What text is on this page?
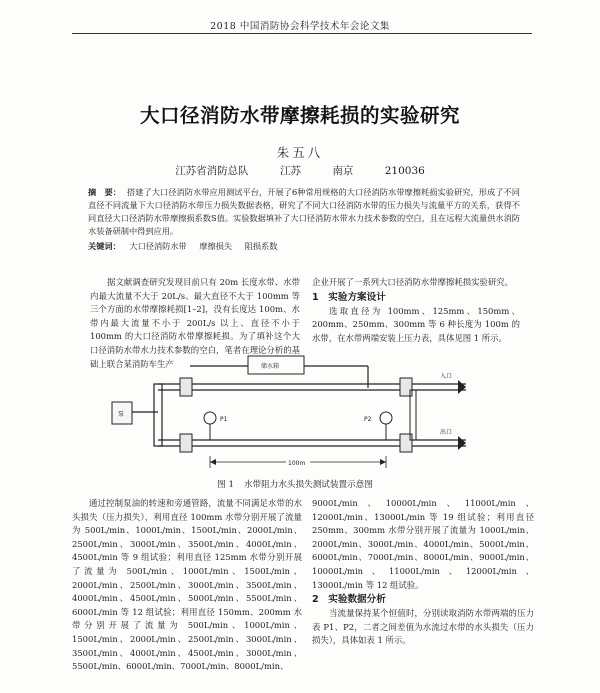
2018 中国消防协会科学技术年会论文集
大口径消防水带摩擦耗损的实验研究
朱五八
江苏省消防总队	江苏	南京	210036
摘　要： 搭建了大口径消防水带应用测试平台，开展了6种常用规格的大口径消防水带摩擦耗损实验研究，形成了不同直径不同流量下大口径消防水带压力损失数据表格，研究了不同大口径消防水带的压力损失与流量平方的关系，获得不同直径大口径消防水带摩擦损系数S值。实验数据填补了大口径消防水带水力技术参数的空白，且在远程大流量供水消防水装备研制中得到应用。
关键词： 大口径消防水带 摩擦损失 阻损系数

据文献调查研究发现目前只有 20m 长度水带、水带内最大流量不大于 20L/s、最大直径不大于 100mm 等三个方面的水带摩擦耗损[1–2]，没有长度达 100m、水带内最大流量不小于 200L/s 以上、直径不小于 100mm 的大口径消防水带摩擦耗损。为了填补这个大口径消防水带水力技术参数的空白，笔者在理论分析的基础上联合某消防车生产

企业开展了一系列大口径消防水带摩擦耗损实验研究。

1　实验方案设计

选取直径为 100mm、125mm、150mm、200mm、250mm、300mm 等 6 种长度为 100m 的水带，在水带两端安装上压力表，具体见图 1 所示。

储水箱
泵
P1	P2
入口
出口
100m
图 1 水带阻力水头损失测试装置示意图

通过控制泵油的转速和旁通管路，流量不同满足水带的水头损失（压力损失），利用直径 100mm 水带分别开展了流量为 500L/min、1000L/min、1500L/min、2000L/min、2500L/min、3000L/min、3500L/min、4000L/min、4500L/min 等 9 组试验；利用直径 125mm 水带分别开展了流量为 500L/min、1000L/min、1500L/min、2000L/min、2500L/min、3000L/min、3500L/min、4000L/min、4500L/min、5000L/min、5500L/min、6000L/min 等 12 组试验；利用直径 150mm、200mm 水带分别开展了流量为 500L/min、1000L/min、1500L/min、2000L/min、2500L/min、3000L/min、3500L/min、4000L/min、4500L/min、3000L/min、5500L/min、6000L/min、7000L/min、8000L/min、

9000L/min、10000L/min、11000L/min、12000L/min、13000L/min 等 19 组试验；利用直径 250mm、300mm 水带分别开展了流量为 1000L/min、2000L/min、3000L/min、4000L/min、5000L/min、6000L/min、7000L/min、8000L/min、9000L/min、10000L/min、11000L/min、12000L/min、13000L/min 等 12 组试验。

2　实验数据分析

当流量保持某个恒值时，分别读取消防水带两端的压力表 P1、P2，二者之间差值为水流过水带的水头损失（压力损失），具体如表 1 所示。
